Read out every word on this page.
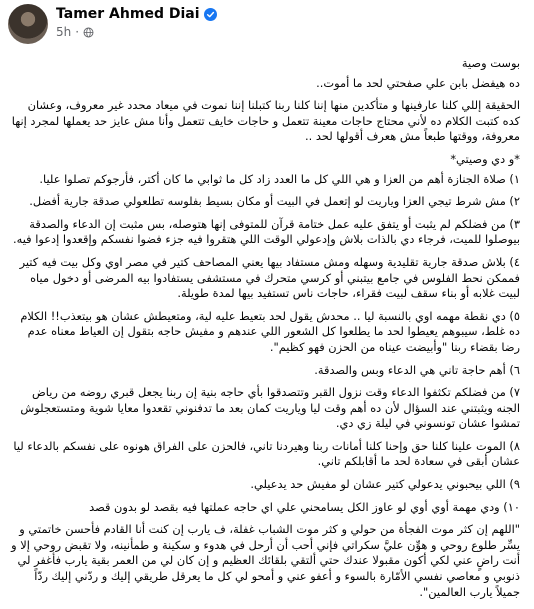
Tamer Ahmed Diai
5h ·

بوست وصية

ده هيفضل بابن علي صفحتي لحد ما أموت..

الحقيقة إللي كلنا عارفينها و متأكدين منها إننا كلنا ربنا كتبلنا إننا نموت في ميعاد محدد غير معروف، وعشان كده كتبت الكلام ده لأني محتاج حاجات معينة تتعمل و حاجات خايف تتعمل وأنا مش عايز حد يعملها لمجرد إنها معروفة، ووقتها طبعاً مش هعرف أقولها لحد ..

*و دي وصيتي*

١) صلاة الجنازة أهم من العزا و هي اللي كل ما العدد زاد كل ما ثوابي ما كان أكتر، فأرجوكم تصلوا عليا.

٢) مش شرط تيجي العزا وياريت لو إتعمل في البيت أو مكان بسيط بفلوسه تطلعولي صدقة جارية أفضل.

٣) من فضلكم لم يثبت أو يتفق عليه عمل ختامة قرآن للمتوفى إنها هتوصله، بس مثبت إن الدعاء والصدقة بيوصلوا للميت، فرجاء دي بالذات بلاش وإدعولي الوقت اللي هتقروا فيه جزء فضوا نفسكم وإقعدوا إدعوا فيه.

٤) بلاش صدقة جارية تقليدية وسهله ومش مستفاد بيها يعني المصاحف كتير في مصر اوي وكل بيت فيه كتير فممكن نحط الفلوس في جامع بيتبني أو كرسي متحرك في مستشفى يستفادوا بيه المرضى أو دخول مياه لبيت غلابه أو بناء سقف لبيت فقراء، حاجات ناس تستفيد بيها لمدة طويلة.

٥) دي نقطة مهمه اوي بالنسبة ليا .. محدش يقول لحد بتعيط عليه لية، ومتعيطش عشان هو بيتعذب!! الكلام ده غلط، سيبوهم يعيطوا لحد ما يطلعوا كل الشعور اللي عندهم و مفيش حاجه بتقول إن العياط معناه عدم رضا بقضاء ربنا "وأبيضت عيناه من الحزن فهو كظيم".

٦) أهم حاجة تاني هي الدعاء وبس والصدقة.

٧) من فضلكم تكثفوا الدعاء وقت نزول القبر وتتصدقوا بأي حاجه بنية إن ربنا يجعل قبري روضه من رياض الجنه ويثبتني عند السؤال لأن ده أهم وقت ليا وياريت كمان بعد ما تدفنوني تقعدوا معايا شوية ومتستعجلوش تمشوا عشان تونسوني في ليلة زي دي.

٨) الموت علينا كلنا حق وإحنا كلنا أمانات ربنا وهيردنا تاني، فالحزن على الفراق هونوه على نفسكم بالدعاء ليا عشان أبقى في سعادة لحد ما أقابلكم تاني.

٩) اللي بيحبوني يدعولي كتير عشان لو مفيش حد يدعيلي.

١٠) ودي مهمة أوي أوي لو عاوز الكل يسامحني علي اي حاجه عملتها فيه بقصد لو بدون قصد

"اللهم إن كثر موت الفجأة من حولي و كثر موت الشباب غفلة، ف يارب إن كنت أنا القادم فأحسن خاتمتي و يسِّر طلوع روحي و هوِّن عليَّ سكراتي فإني أحب أن أرحل في هدوء و سكينة و طمأنينه، ولا تقبض روحي إلا و أنت راضٍ عني لكي أكون مقبولا عندك حتي ألتقي بلقائك العظيم و إن كان لي من العمر بقية يارب فأغفر لي ذنوبي و معاصي نفسي الأمّارة بالسوء و أعفو عني و أمحو لي كل ما يعرقل طريقي إليك و ردّني إليك ردّاً جميلاً يارب العالمين".
